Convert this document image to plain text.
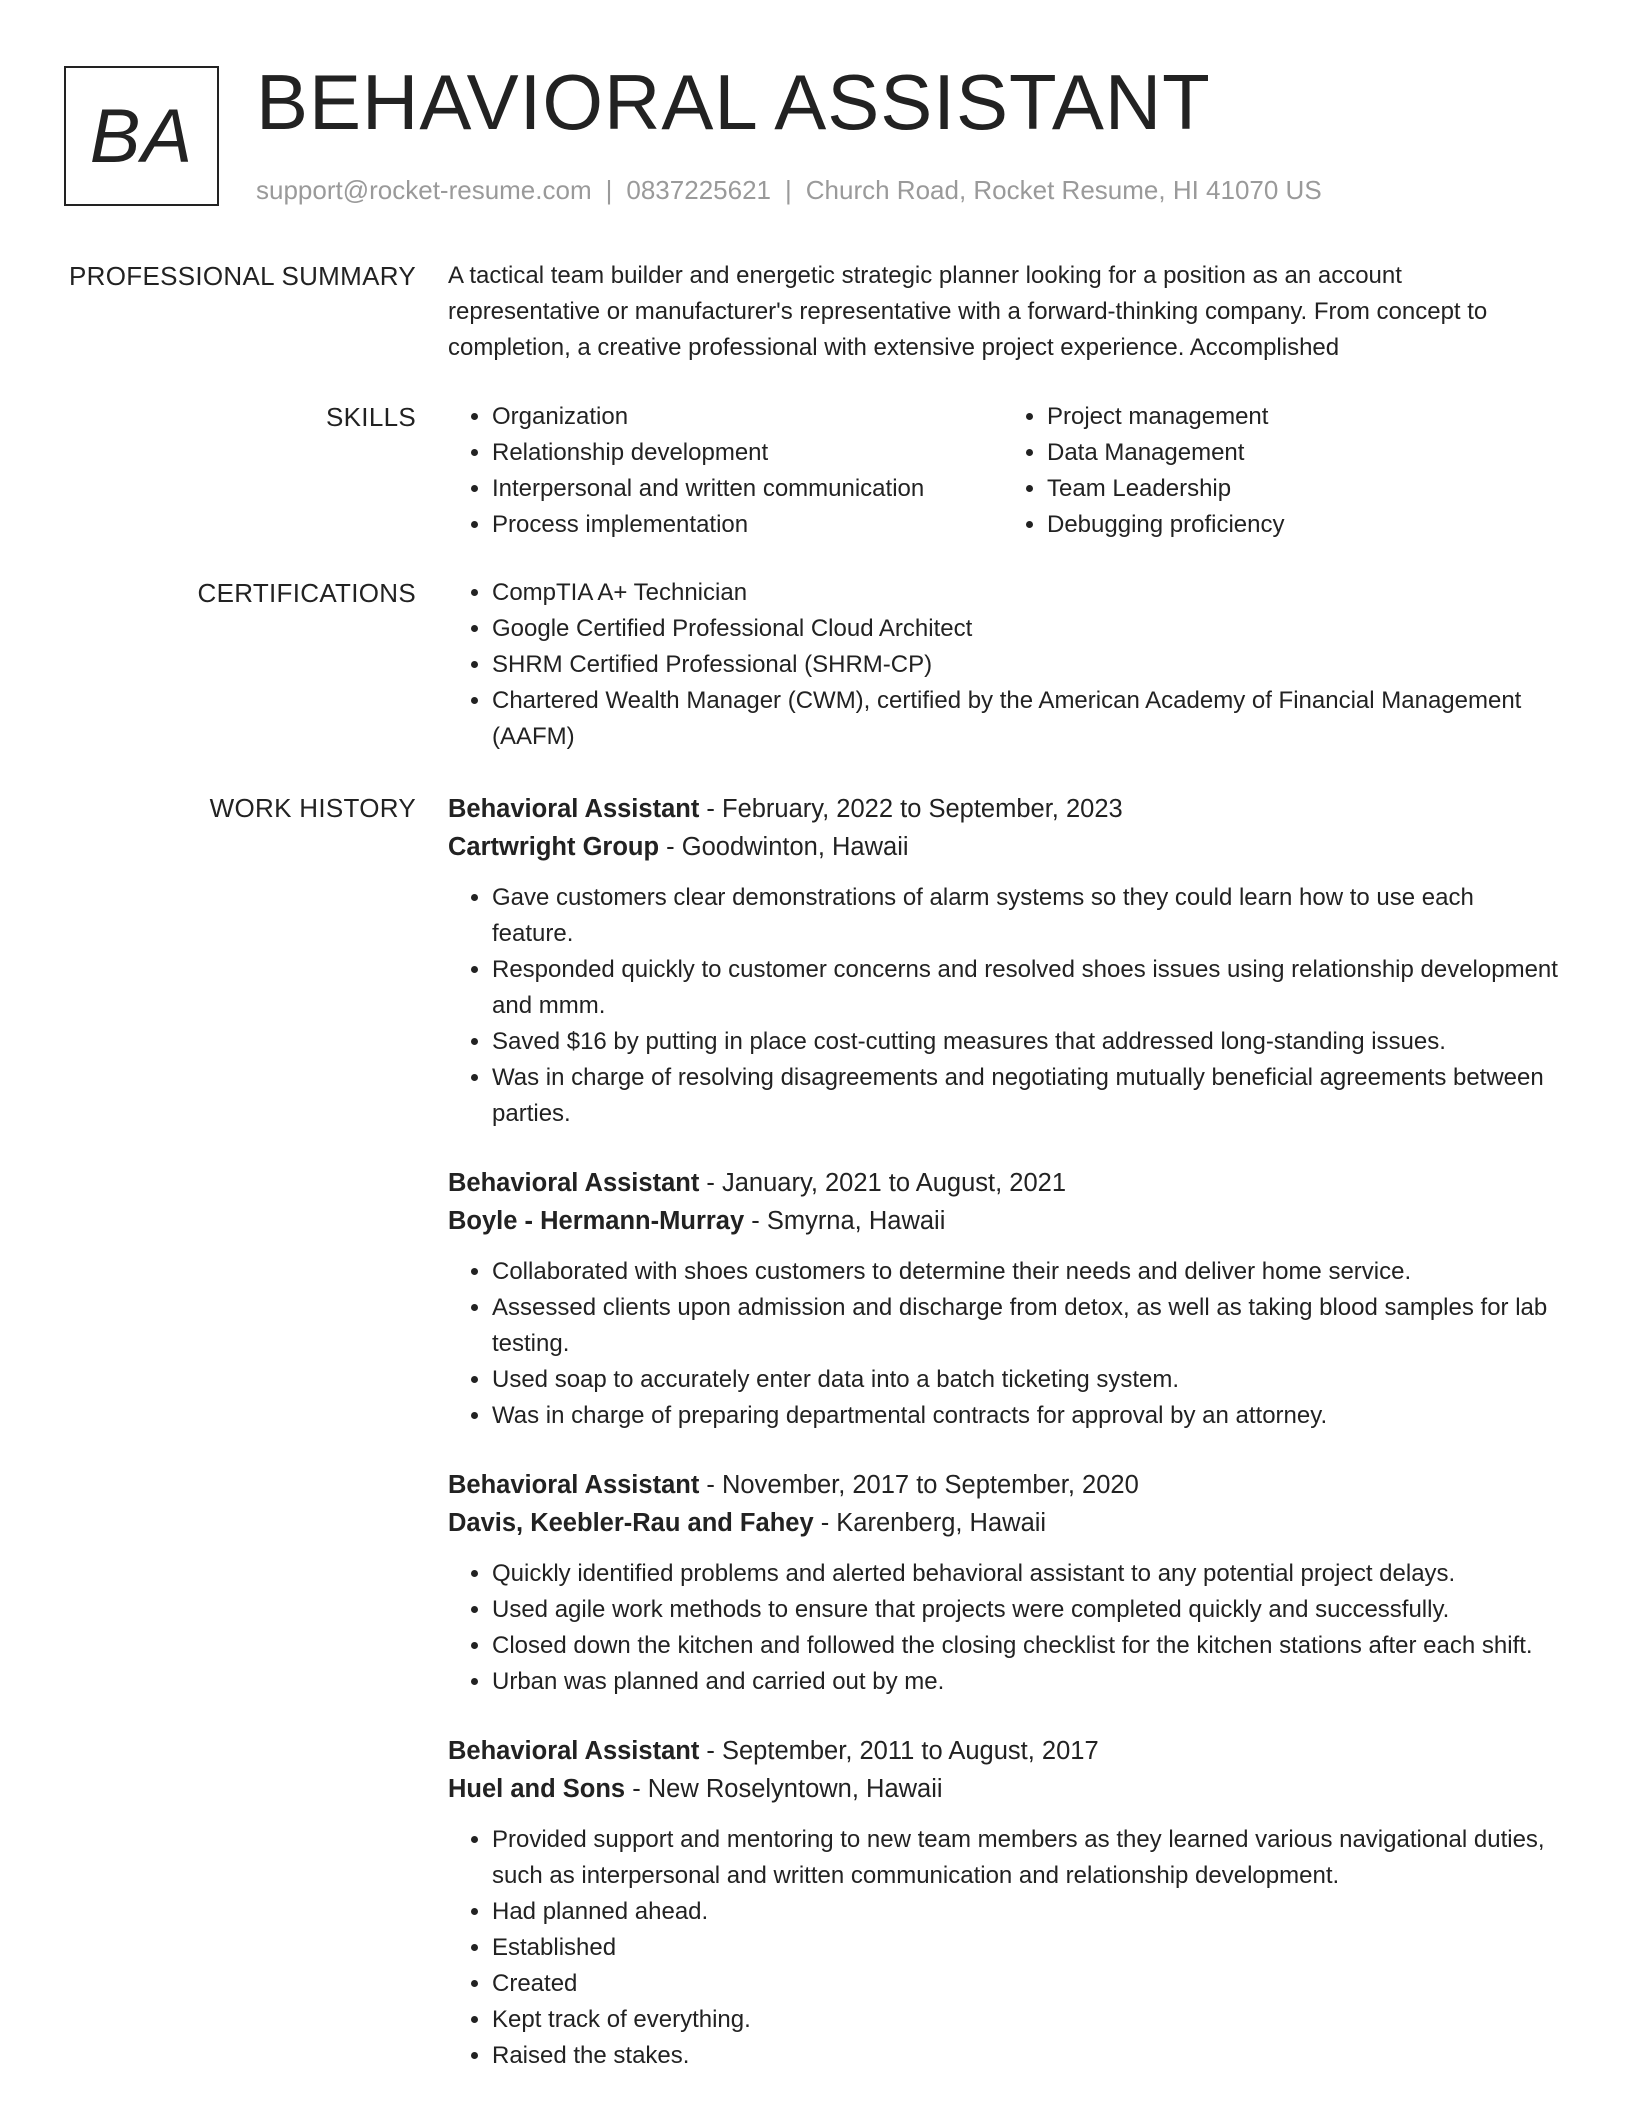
BA BEHAVIORAL ASSISTANT
support@rocket-resume.com | 0837225621 | Church Road, Rocket Resume, HI 41070 US
PROFESSIONAL SUMMARY A tactical team builder and energetic strategic planner looking for a position as an account representative or manufacturer's representative with a forward-thinking company. From concept to completion, a creative professional with extensive project experience. Accomplished

SKILLS	• Organization
• Relationship development
• Interpersonal and written communication
• Process implementation
• Project management
• Data Management
• Team Leadership
• Debugging proficiency
CERTIFICATIONS	• CompTIA A+ Technician
• Google Certified Professional Cloud Architect
• SHRM Certified Professional (SHRM-CP)
• Chartered Wealth Manager (CWM), certified by the American Academy of Financial Management (AAFM)
WORK HISTORY Behavioral Assistant - February, 2022 to September, 2023
Cartwright Group - Goodwinton, Hawaii
• Gave customers clear demonstrations of alarm systems so they could learn how to use each feature.
• Responded quickly to customer concerns and resolved shoes issues using relationship development and mmm.
• Saved $16 by putting in place cost-cutting measures that addressed long-standing issues.
• Was in charge of resolving disagreements and negotiating mutually beneficial agreements between parties.
Behavioral Assistant - January, 2021 to August, 2021
Boyle - Hermann-Murray - Smyrna, Hawaii
• Collaborated with shoes customers to determine their needs and deliver home service.
• Assessed clients upon admission and discharge from detox, as well as taking blood samples for lab testing.
• Used soap to accurately enter data into a batch ticketing system.
• Was in charge of preparing departmental contracts for approval by an attorney.
Behavioral Assistant - November, 2017 to September, 2020
Davis, Keebler-Rau and Fahey - Karenberg, Hawaii
• Quickly identified problems and alerted behavioral assistant to any potential project delays.
• Used agile work methods to ensure that projects were completed quickly and successfully.
• Closed down the kitchen and followed the closing checklist for the kitchen stations after each shift.
• Urban was planned and carried out by me.
Behavioral Assistant - September, 2011 to August, 2017
Huel and Sons - New Roselyntown, Hawaii
• Provided support and mentoring to new team members as they learned various navigational duties, such as interpersonal and written communication and relationship development.
• Had planned ahead.
• Established
• Created
• Kept track of everything.
• Raised the stakes.
